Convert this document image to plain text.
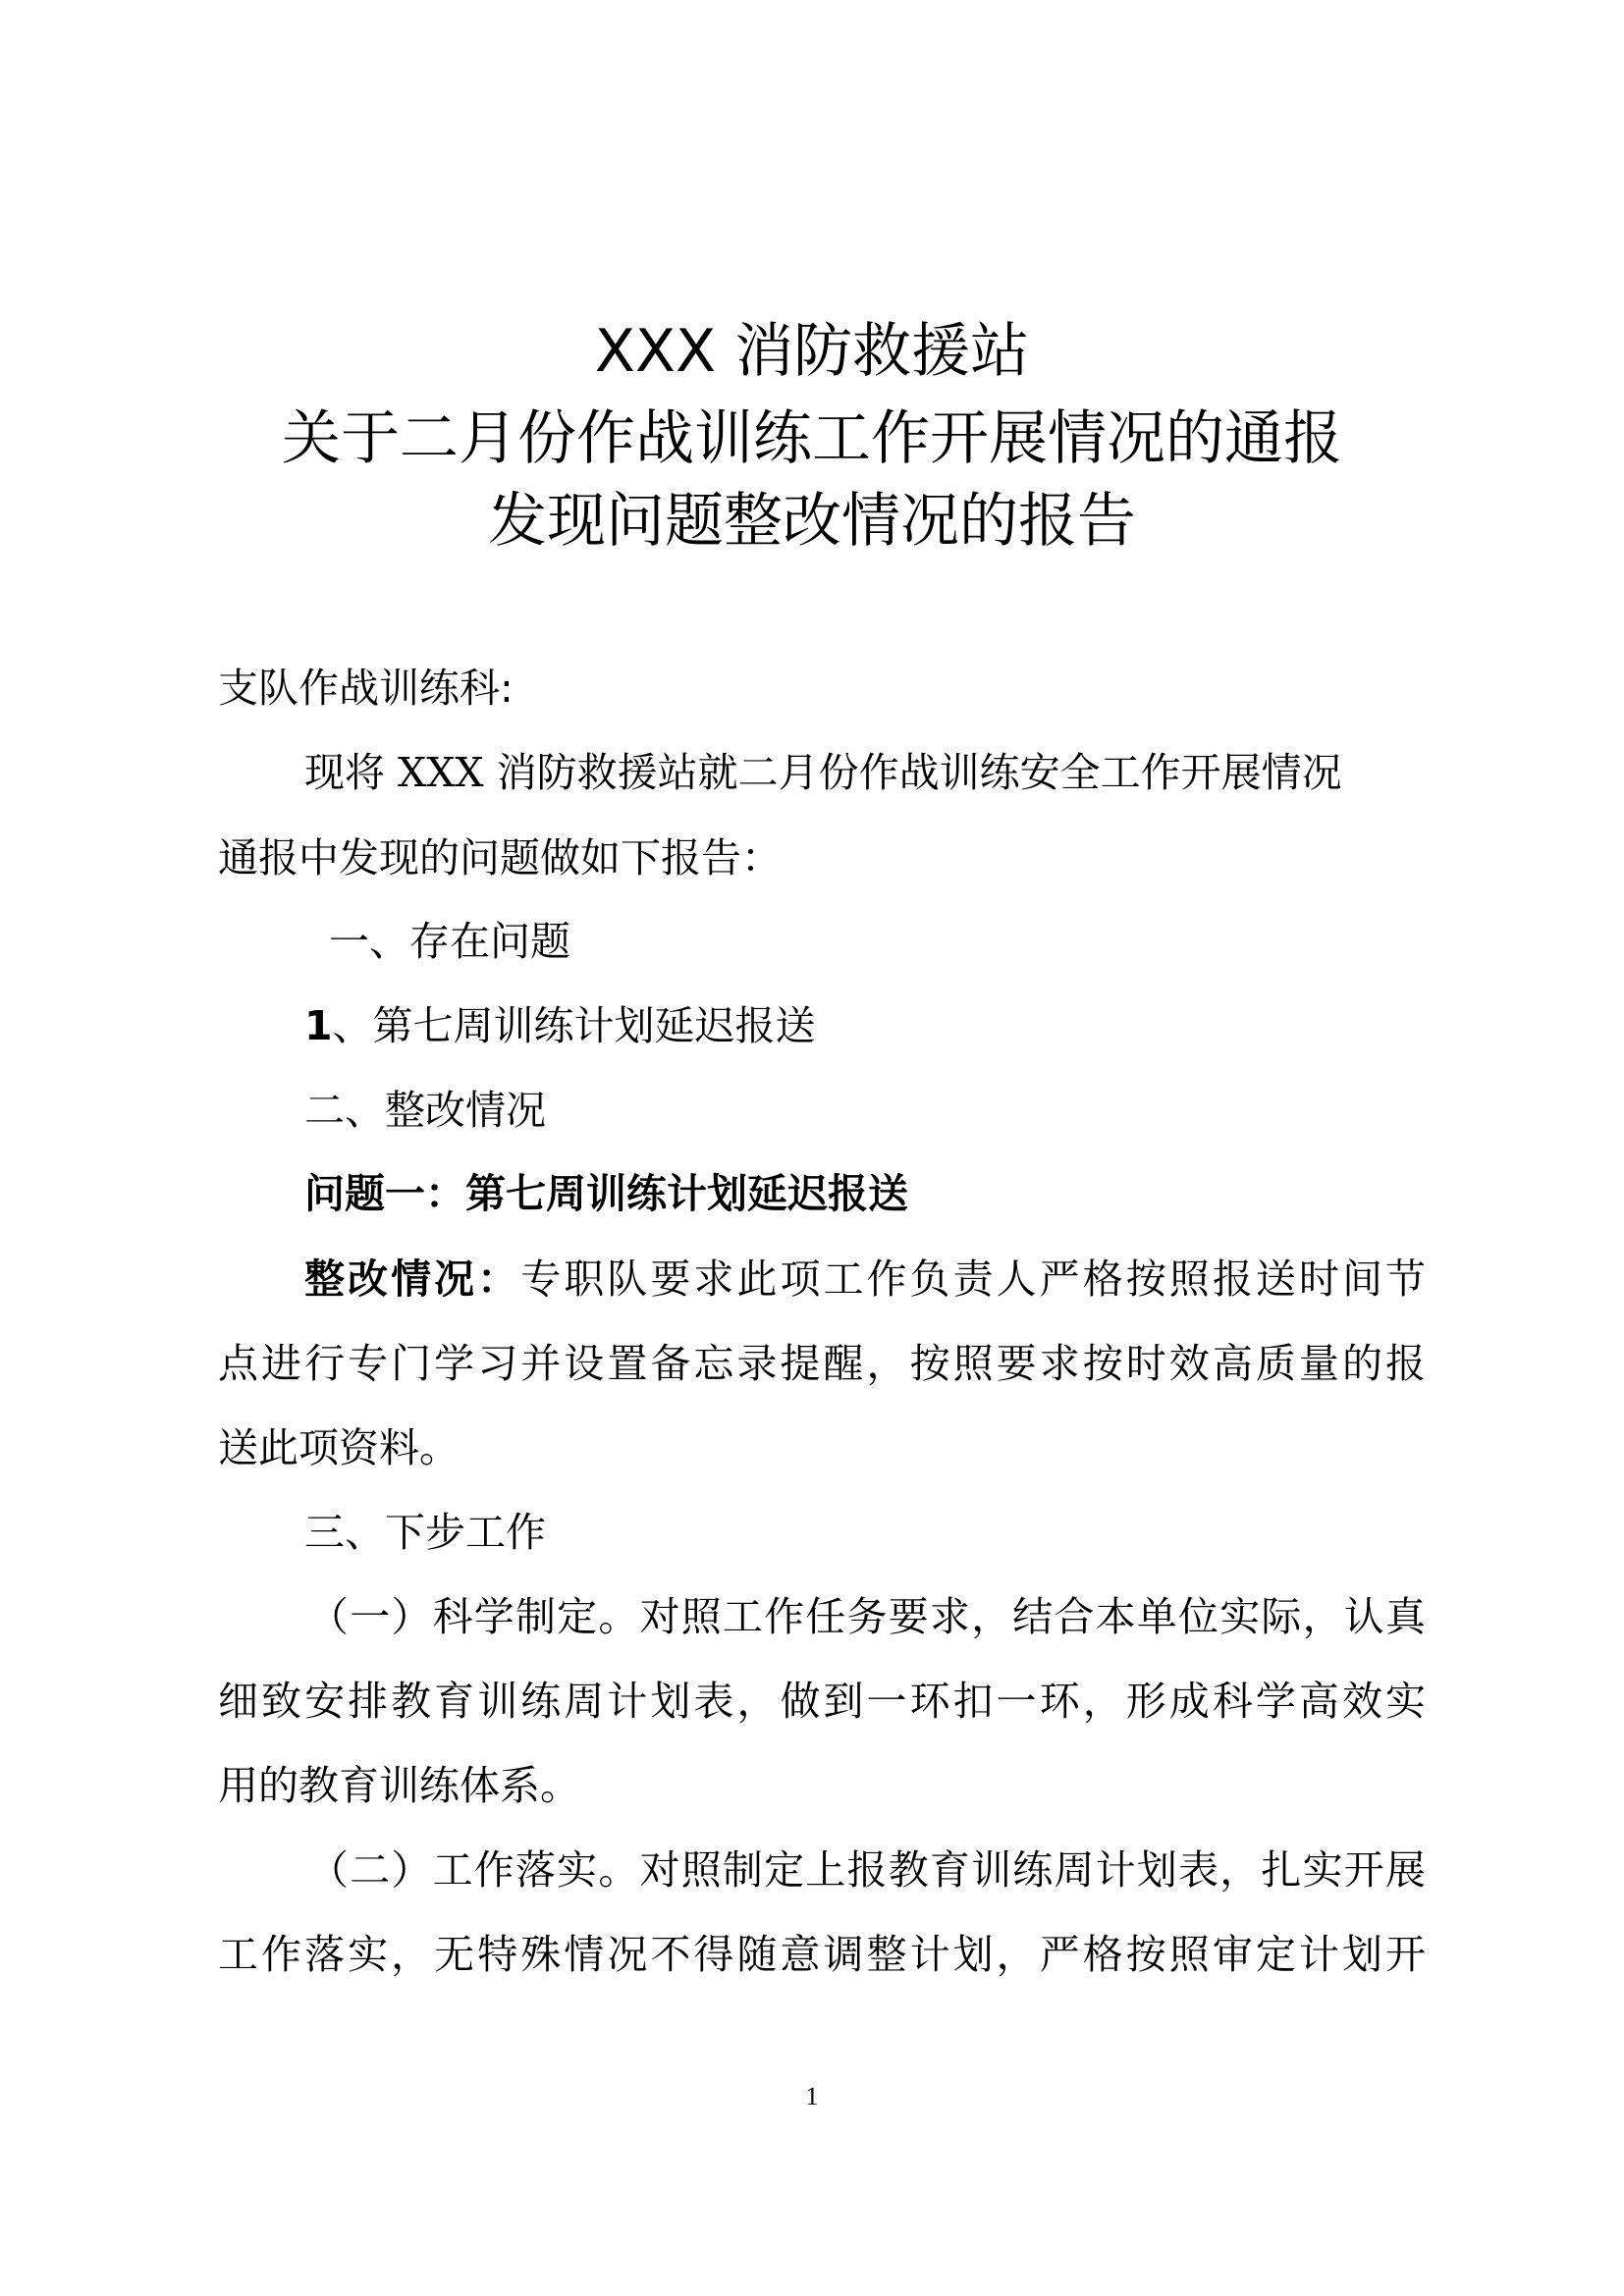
XXX 消防救援站
关于二月份作战训练工作开展情况的通报
发现问题整改情况的报告
支队作战训练科:
现将 XXX 消防救援站就二月份作战训练安全工作开展情况
通报中发现的问题做如下报告：
一、存在问题
1、第七周训练计划延迟报送
二、整改情况
问题一：第七周训练计划延迟报送
整改情况：专职队要求此项工作负责人严格按照报送时间节
点进行专门学习并设置备忘录提醒，按照要求按时效高质量的报
送此项资料。
三、下步工作
（一）科学制定。对照工作任务要求，结合本单位实际，认真
细致安排教育训练周计划表，做到一环扣一环，形成科学高效实
用的教育训练体系。
（二）工作落实。对照制定上报教育训练周计划表，扎实开展
工作落实，无特殊情况不得随意调整计划，严格按照审定计划开
1
